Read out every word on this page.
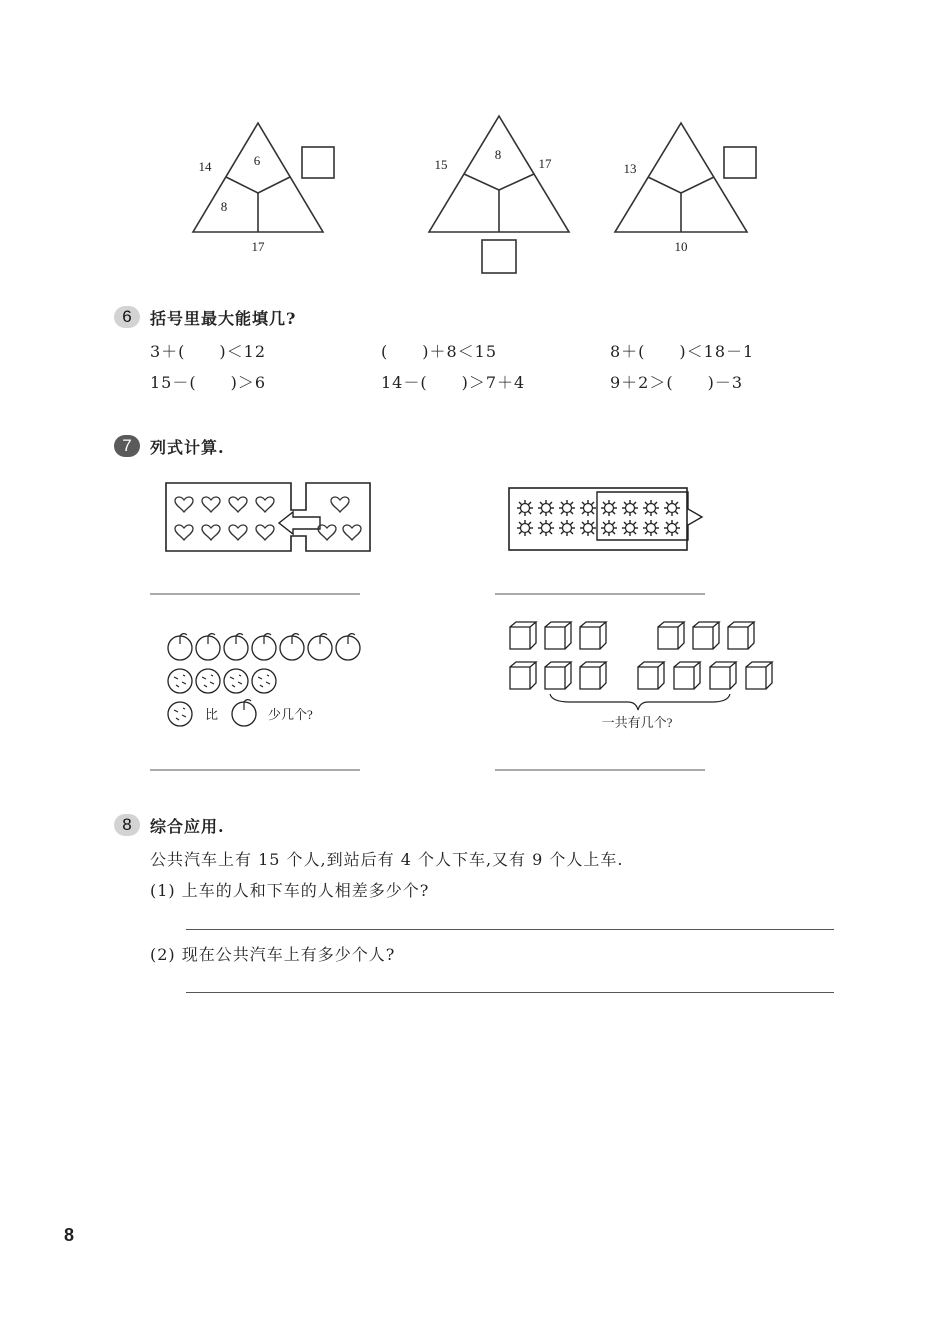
6
8
14
17
8
15	17	13
10
6	括号里最大能填几?
3＋(　　)＜12	(　　)＋8＜15	8＋(　　)＜18－1
15－(　　)＞6	14－(　　)＞7＋4	9＋2＞(　　)－3
7	列式计算.
比	少几个?
一共有几个?
8	综合应用.
公共汽车上有 15 个人,到站后有 4 个人下车,又有 9 个人上车.
(1) 上车的人和下车的人相差多少个?
(2) 现在公共汽车上有多少个人?
8
